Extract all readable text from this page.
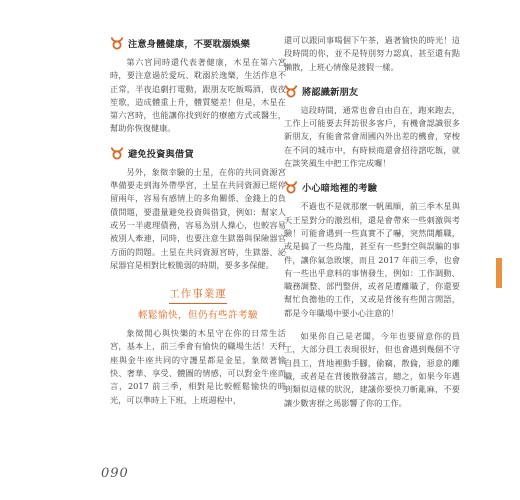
注意身體健康，不要耽溺娛樂

第六宮同時還代表著健康，木星在第六宮時，要注意過於愛玩、耽溺於逸樂，生活作息不正常，半夜追劇打電動，跟朋友吃飯喝酒，夜夜笙歌，造成體重上升，體質變差！但是，木星在第六宮時，也能讓你找到好的療癒方式或醫生，幫助你恢復健康。

避免投資與借貸

另外，象徵幸驗的土星，在你的共同資源宮準備要走到海外帶學宮，土星在共同資源已經停留兩年，容易有感情上的多角關係、金錢上的負債問題，要盡量避免投資與借貸，例如：幫家人或另一半處理債務，容易為別人操心，也較容易被別人牽連，同時，也要注意生獄器與保險器官方面的問題。土星在共同資源宮時，生獄器、泌尿器官是相對比較脆弱的時期，要多多保健。

工作事業運
輕鬆愉快，但仍有些許考驗

象徵開心與快樂的木星守在你的日常生活宮，基本上，前三季會有愉快的職場生活！天秤座與金牛座共同的守護星都是金星，象徵著愉快、奢華、享受、體圖的情感，可以對金牛座而言，2017 前三季，相對是比較輕鬆愉快的時光，可以準時上下班，上班週程中，

還可以跟同事喝個下午茶，過著愉快的時光！這段時間的你，並不是特別努力認真，甚至還有點懶散，上班心情像是渡假一樣。

將認識新朋友

這段時間，通常也會自由自在，跑來跑去，工作上可能要去拜訪很多客戶，有機會認識很多新朋友，有能會常會周國內外出差的機會，穿梭在不同的城市中，有時候商還會招待諮吃飯，就在談笑風生中把工作完成囉！

小心暗地裡的考驗

不過也不是就那麼一帆風順，前三季木星與天王星對分的激烈相，還是會帶來一些刺激與考驗！可能會遇到一些真實不了嚇，突然間離職，或是搞了一些烏龍，甚至有一些對空與誤騙的事件，讓你氣急敗壞，而且 2017 年前三季，也會有一些出乎意料的事情發生，例如：工作調動、職務調整、部門整併，或者是遭離職了，你還要幫忙負擔他的工作，又或是背後有些閒言閒語，都是今年職場中要小心注意的！

如果你自己是老闆，今年也要留意你的員工，大部分員工表現很好，但也會遇到幾個不守自員工，背地裡動手腳，偷竊，散倫，惡意的離職，或者是在背後散發謠言，總之，如果今年遇到類似這樣的狀況，建議你要快刀斬亂麻，不要讓少數害群之馬影響了你的工作。

090
